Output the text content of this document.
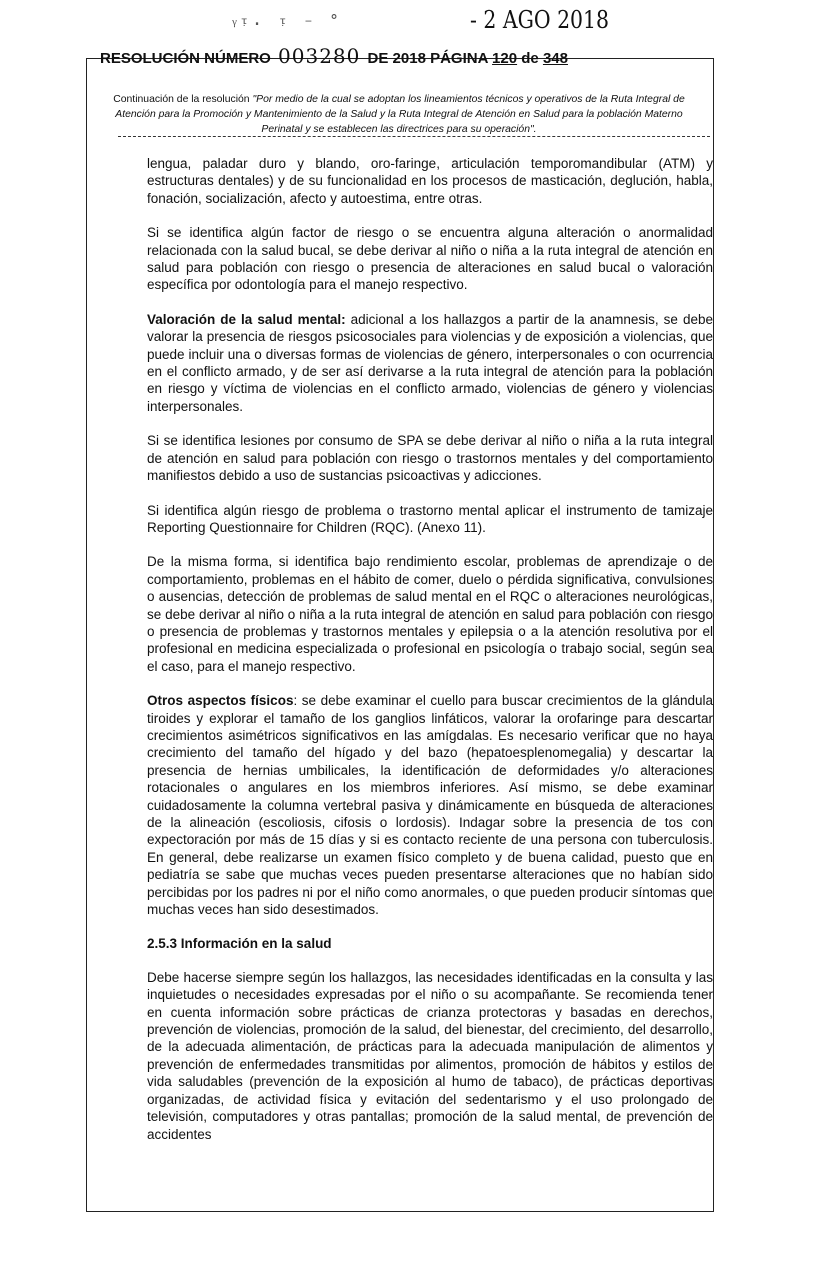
ᵞᵎ· ᵎ ⁻ ˚	- 2 AGO 2018
RESOLUCIÓN NÚMERO 003280 DE 2018 PÁGINA 120 de 348
Continuación de la resolución "Por medio de la cual se adoptan los lineamientos técnicos y operativos de la Ruta Integral de Atención para la Promoción y Mantenimiento de la Salud y la Ruta Integral de Atención en Salud para la población Materno Perinatal y se establecen las directrices para su operación".

lengua, paladar duro y blando, oro-faringe, articulación temporomandibular (ATM) y estructuras dentales) y de su funcionalidad en los procesos de masticación, deglución, habla, fonación, socialización, afecto y autoestima, entre otras.

Si se identifica algún factor de riesgo o se encuentra alguna alteración o anormalidad relacionada con la salud bucal, se debe derivar al niño o niña a la ruta integral de atención en salud para población con riesgo o presencia de alteraciones en salud bucal o valoración específica por odontología para el manejo respectivo.

Valoración de la salud mental: adicional a los hallazgos a partir de la anamnesis, se debe valorar la presencia de riesgos psicosociales para violencias y de exposición a violencias, que puede incluir una o diversas formas de violencias de género, interpersonales o con ocurrencia en el conflicto armado, y de ser así derivarse a la ruta integral de atención para la población en riesgo y víctima de violencias en el conflicto armado, violencias de género y violencias interpersonales.

Si se identifica lesiones por consumo de SPA se debe derivar al niño o niña a la ruta integral de atención en salud para población con riesgo o trastornos mentales y del comportamiento manifiestos debido a uso de sustancias psicoactivas y adicciones.

Si identifica algún riesgo de problema o trastorno mental aplicar el instrumento de tamizaje Reporting Questionnaire for Children (RQC). (Anexo 11).

De la misma forma, si identifica bajo rendimiento escolar, problemas de aprendizaje o de comportamiento, problemas en el hábito de comer, duelo o pérdida significativa, convulsiones o ausencias, detección de problemas de salud mental en el RQC o alteraciones neurológicas, se debe derivar al niño o niña a la ruta integral de atención en salud para población con riesgo o presencia de problemas y trastornos mentales y epilepsia o a la atención resolutiva por el profesional en medicina especializada o profesional en psicología o trabajo social, según sea el caso, para el manejo respectivo.

Otros aspectos físicos: se debe examinar el cuello para buscar crecimientos de la glándula tiroides y explorar el tamaño de los ganglios linfáticos, valorar la orofaringe para descartar crecimientos asimétricos significativos en las amígdalas. Es necesario verificar que no haya crecimiento del tamaño del hígado y del bazo (hepatoesplenomegalia) y descartar la presencia de hernias umbilicales, la identificación de deformidades y/o alteraciones rotacionales o angulares en los miembros inferiores. Así mismo, se debe examinar cuidadosamente la columna vertebral pasiva y dinámicamente en búsqueda de alteraciones de la alineación (escoliosis, cifosis o lordosis). Indagar sobre la presencia de tos con expectoración por más de 15 días y si es contacto reciente de una persona con tuberculosis. En general, debe realizarse un examen físico completo y de buena calidad, puesto que en pediatría se sabe que muchas veces pueden presentarse alteraciones que no habían sido percibidas por los padres ni por el niño como anormales, o que pueden producir síntomas que muchas veces han sido desestimados.

2.5.3 Información en la salud

Debe hacerse siempre según los hallazgos, las necesidades identificadas en la consulta y las inquietudes o necesidades expresadas por el niño o su acompañante. Se recomienda tener en cuenta información sobre prácticas de crianza protectoras y basadas en derechos, prevención de violencias, promoción de la salud, del bienestar, del crecimiento, del desarrollo, de la adecuada alimentación, de prácticas para la adecuada manipulación de alimentos y prevención de enfermedades transmitidas por alimentos, promoción de hábitos y estilos de vida saludables (prevención de la exposición al humo de tabaco), de prácticas deportivas organizadas, de actividad física y evitación del sedentarismo y el uso prolongado de televisión, computadores y otras pantallas; promoción de la salud mental, de prevención de accidentes
